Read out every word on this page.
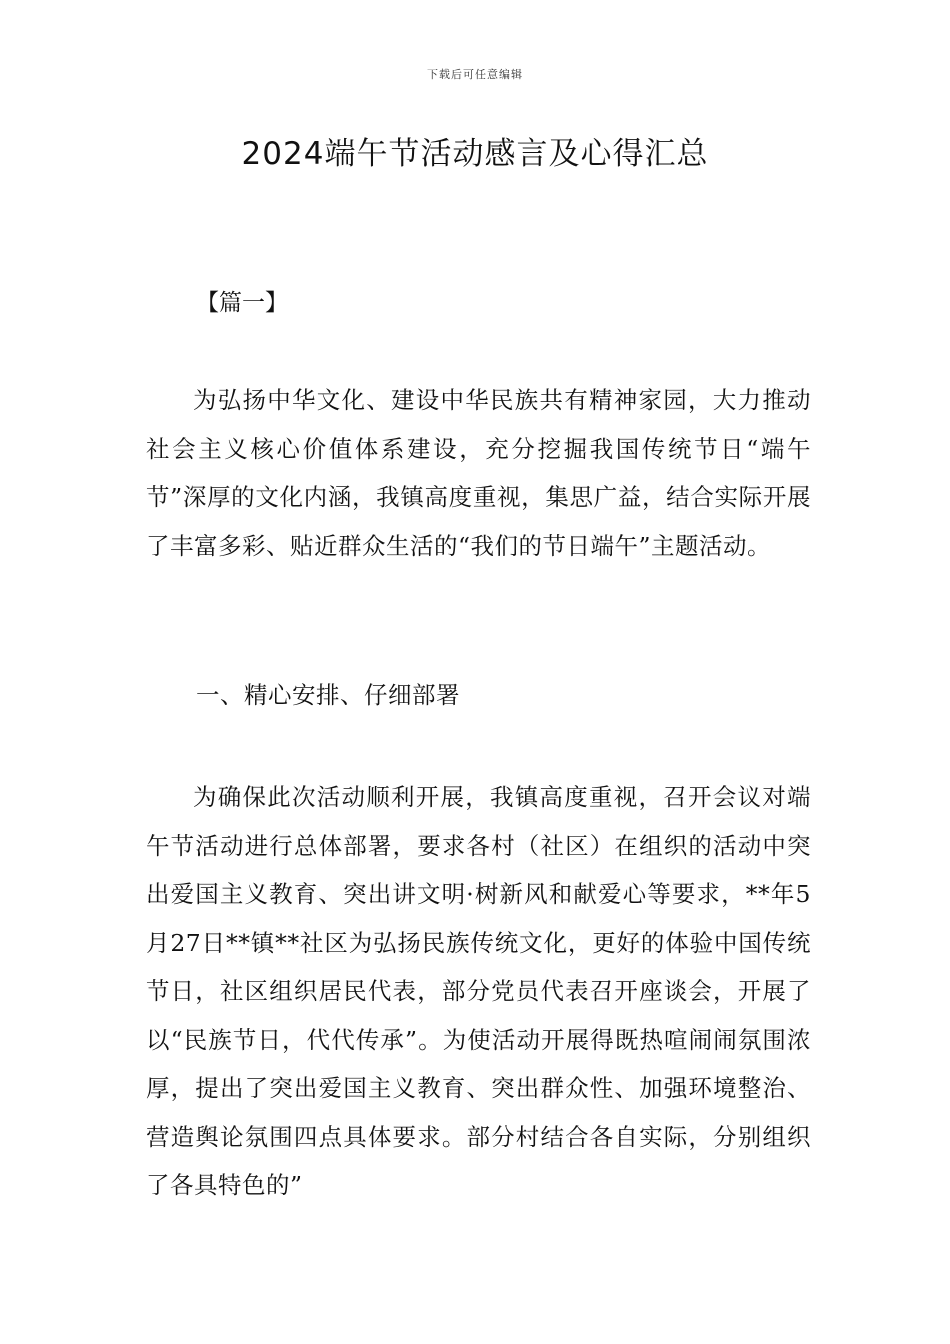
下载后可任意编辑
2024端午节活动感言及心得汇总
【篇一】

为弘扬中华文化、建设中华民族共有精神家园，大力推动社会主义核心价值体系建设，充分挖掘我国传统节日“端午节”深厚的文化内涵，我镇高度重视，集思广益，结合实际开展了丰富多彩、贴近群众生活的“我们的节日端午”主题活动。

一、精心安排、仔细部署

为确保此次活动顺利开展，我镇高度重视，召开会议对端午节活动进行总体部署，要求各村（社区）在组织的活动中突出爱国主义教育、突出讲文明·树新风和献爱心等要求，**年5月27日**镇**社区为弘扬民族传统文化，更好的体验中国传统节日，社区组织居民代表，部分党员代表召开座谈会，开展了以“民族节日，代代传承”。为使活动开展得既热喧闹闹氛围浓厚，提出了突出爱国主义教育、突出群众性、加强环境整治、营造舆论氛围四点具体要求。部分村结合各自实际，分别组织了各具特色的”
